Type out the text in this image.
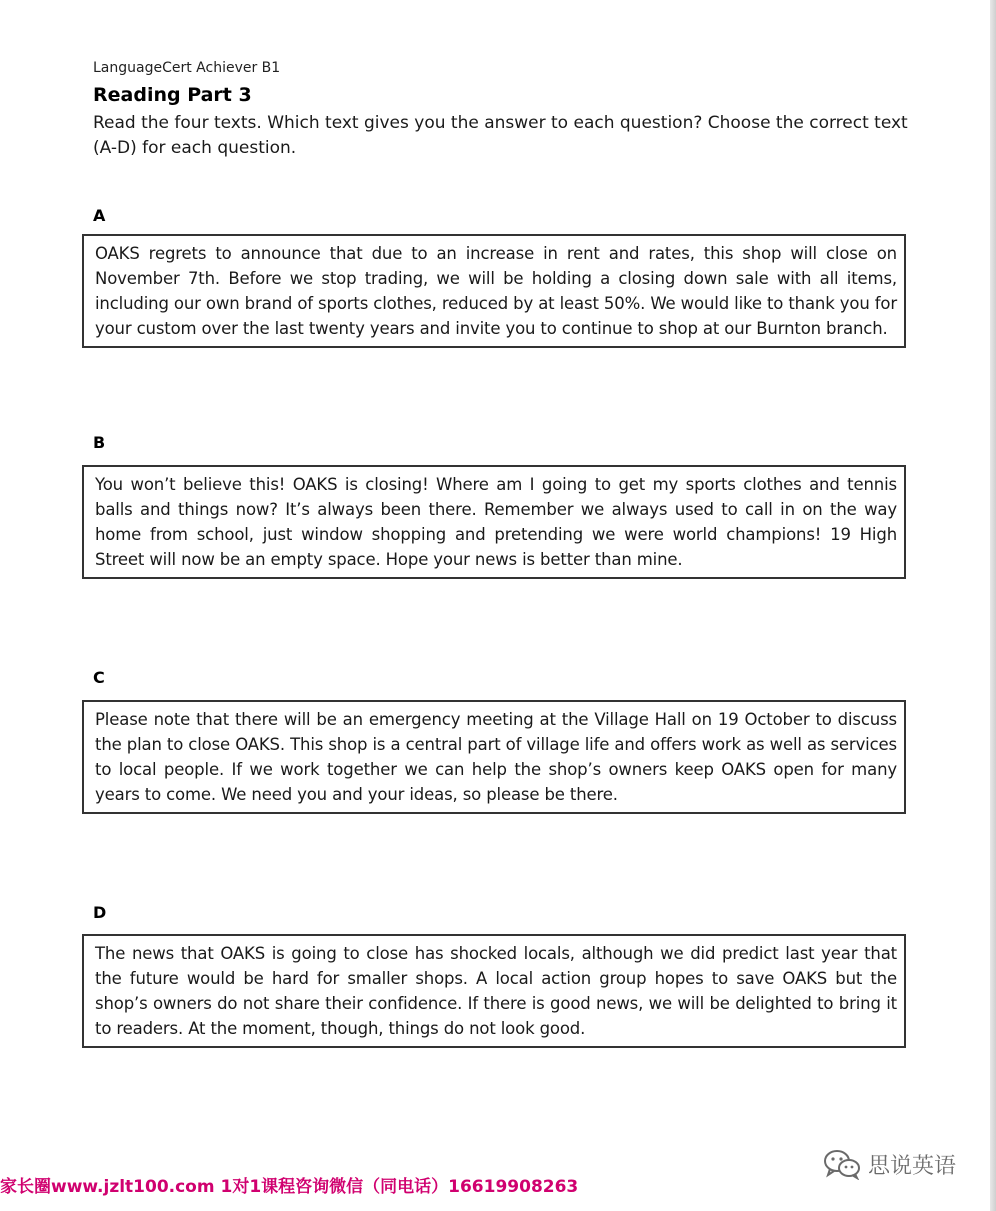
LanguageCert Achiever B1
Reading Part 3
Read the four texts. Which text gives you the answer to each question? Choose the correct text (A-D) for each question.
A
OAKS regrets to announce that due to an increase in rent and rates, this shop will close on November 7th. Before we stop trading, we will be holding a closing down sale with all items, including our own brand of sports clothes, reduced by at least 50%. We would like to thank you for your custom over the last twenty years and invite you to continue to shop at our Burnton branch.
B
You won’t believe this! OAKS is closing! Where am I going to get my sports clothes and tennis balls and things now? It’s always been there. Remember we always used to call in on the way home from school, just window shopping and pretending we were world champions! 19 High Street will now be an empty space. Hope your news is better than mine.
C
Please note that there will be an emergency meeting at the Village Hall on 19 October to discuss the plan to close OAKS. This shop is a central part of village life and offers work as well as services to local people. If we work together we can help the shop’s owners keep OAKS open for many years to come. We need you and your ideas, so please be there.
D
The news that OAKS is going to close has shocked locals, although we did predict last year that the future would be hard for smaller shops. A local action group hopes to save OAKS but the shop’s owners do not share their confidence. If there is good news, we will be delighted to bring it to readers. At the moment, though, things do not look good.
家长圈www.jzlt100.com 1对1课程咨询微信（同电话）16619908263
思说英语
